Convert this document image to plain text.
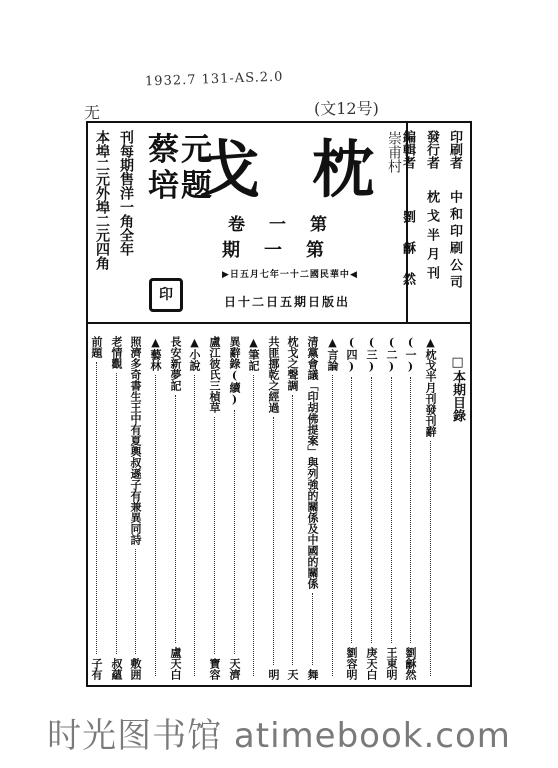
1932.7 131-AS.2.0
无	(文12号)
本埠二元外埠二元四角 刊每期售洋一角全年 蔡元
培题
印
枕
戈
第一卷
第一期
◀中華民國二十一年七月五日▶
出版日期五日二十日
崇甫村	印刷者
中和印刷公司
發行者
枕戈半月刊
編輯者
劉龢然
□本期目錄
▲枕戈半月刊發刊辭
(一)
劉龢然
(二)
王東明
(三)
庚天白
(四)
劉容明
▲言論
清黨會議「印胡佛提案」與列強的關係及中國的關係
舞
枕戈之聲調
天
共匪挪乾之經過
明
▲筆記
異辭錄(續)
天濟
盧江彼氏三楨草
寶容
▲小說
長安新夢記
盧天白
▲藝林
照濟多奇書生王中有夏輿叔遜子有兼異同詩
敷囲
老情觀
叔蘊
前題
子有
时光图书馆 atimebook.com
